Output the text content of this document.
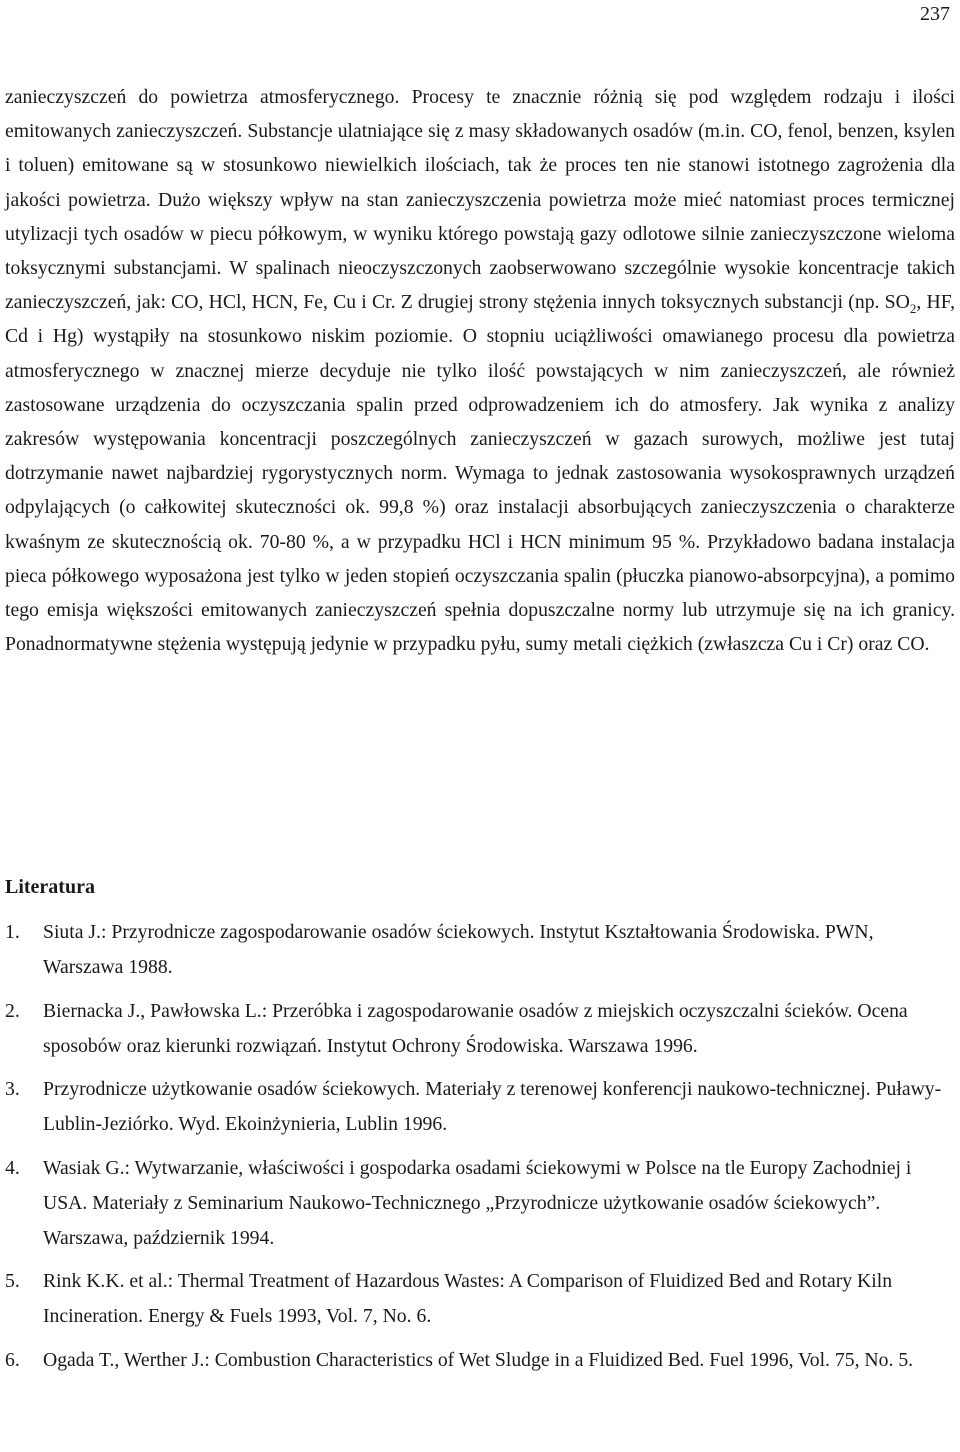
237

zanieczyszczeń do powietrza atmosferycznego. Procesy te znacznie różnią się pod względem rodzaju i ilości emitowanych zanieczyszczeń. Substancje ulatniające się z masy składowanych osadów (m.in. CO, fenol, benzen, ksylen i toluen) emitowane są w stosunkowo niewielkich ilościach, tak że proces ten nie stanowi istotnego zagrożenia dla jakości powietrza. Dużo większy wpływ na stan zanieczyszczenia powietrza może mieć natomiast proces termicznej utylizacji tych osadów w piecu półkowym, w wyniku którego powstają gazy odlotowe silnie zanieczyszczone wieloma toksycznymi substancjami. W spalinach nieoczyszczonych zaobserwowano szczególnie wysokie koncentracje takich zanieczyszczeń, jak: CO, HCl, HCN, Fe, Cu i Cr. Z drugiej strony stężenia innych toksycznych substancji (np. $SO_2$, HF, Cd i Hg) wystąpiły na stosunkowo niskim poziomie. O stopniu uciążliwości omawianego procesu dla powietrza atmosferycznego w znacznej mierze decyduje nie tylko ilość powstających w nim zanieczyszczeń, ale również zastosowane urządzenia do oczyszczania spalin przed odprowadzeniem ich do atmosfery. Jak wynika z analizy zakresów występowania koncentracji poszczególnych zanieczyszczeń w gazach surowych, możliwe jest tutaj dotrzymanie nawet najbardziej rygorystycznych norm. Wymaga to jednak zastosowania wysokosprawnych urządzeń odpylających (o całkowitej skuteczności ok. 99,8 %) oraz instalacji absorbujących zanieczyszczenia o charakterze kwaśnym ze skutecznością ok. 70-80 %, a w przypadku HCl i HCN minimum 95 %. Przykładowo badana instalacja pieca półkowego wyposażona jest tylko w jeden stopień oczyszczania spalin (płuczka pianowo-absorpcyjna), a pomimo tego emisja większości emitowanych zanieczyszczeń spełnia dopuszczalne normy lub utrzymuje się na ich granicy. Ponadnormatywne stężenia występują jedynie w przypadku pyłu, sumy metali ciężkich (zwłaszcza Cu i Cr) oraz CO.

Literatura
1. Siuta J.: Przyrodnicze zagospodarowanie osadów ściekowych. Instytut Kształtowania Środowiska. PWN, Warszawa 1988.
2. Biernacka J., Pawłowska L.: Przeróbka i zagospodarowanie osadów z miejskich oczyszczalni ścieków. Ocena sposobów oraz kierunki rozwiązań. Instytut Ochrony Środowiska. Warszawa 1996.
3. Przyrodnicze użytkowanie osadów ściekowych. Materiały z terenowej konferencji naukowo-technicznej. Puławy-Lublin-Jeziórko. Wyd. Ekoinżynieria, Lublin 1996.
4. Wasiak G.: Wytwarzanie, właściwości i gospodarka osadami ściekowymi w Polsce na tle Europy Zachodniej i USA. Materiały z Seminarium Naukowo-Technicznego „Przyrodnicze użytkowanie osadów ściekowych”. Warszawa, październik 1994.
5. Rink K.K. et al.: Thermal Treatment of Hazardous Wastes: A Comparison of Fluidized Bed and Rotary Kiln Incineration. Energy & Fuels 1993, Vol. 7, No. 6.
6. Ogada T., Werther J.: Combustion Characteristics of Wet Sludge in a Fluidized Bed. Fuel 1996, Vol. 75, No. 5.
